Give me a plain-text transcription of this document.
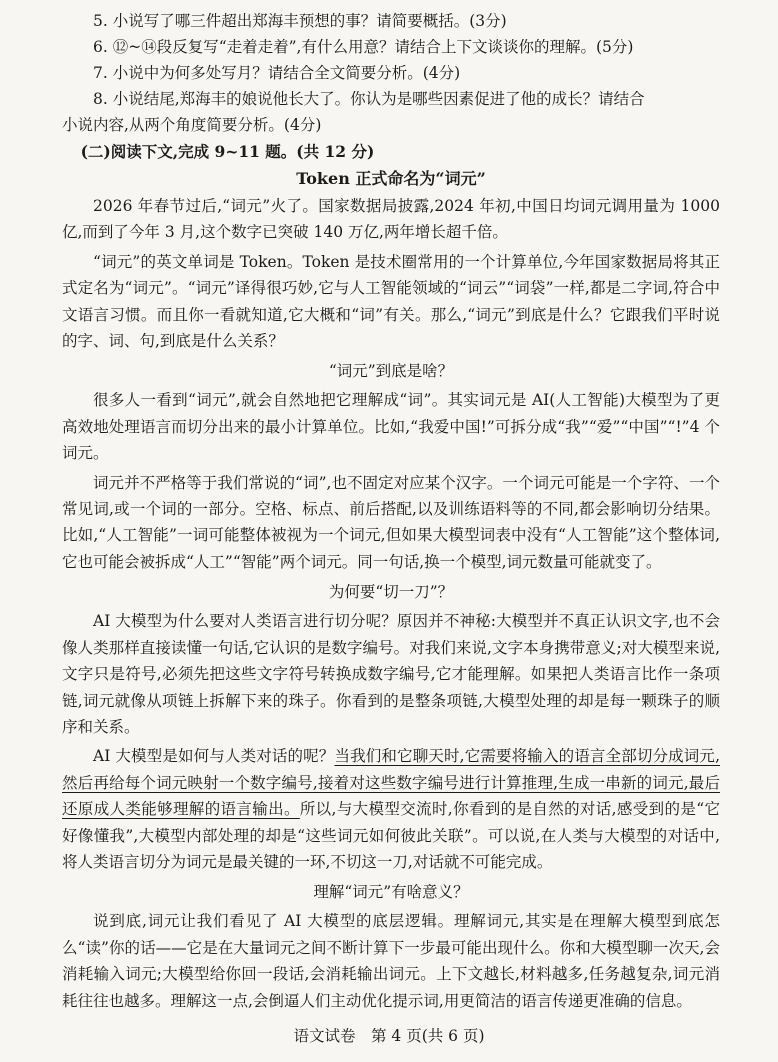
5. 小说写了哪三件超出郑海丰预想的事？请简要概括。(3分)

6. ⑫~⑭段反复写“走着走着”,有什么用意？请结合上下文谈谈你的理解。(5分)

7. 小说中为何多处写月？请结合全文简要分析。(4分)

8. 小说结尾,郑海丰的娘说他长大了。你认为是哪些因素促进了他的成长？请结合

小说内容,从两个角度简要分析。(4分)

(二)阅读下文,完成 9~11 题。(共 12 分)

Token 正式命名为“词元”

2026 年春节过后,“词元”火了。国家数据局披露,2024 年初,中国日均词元调用量为 1000 亿,而到了今年 3 月,这个数字已突破 140 万亿,两年增长超千倍。

“词元”的英文单词是 Token。Token 是技术圈常用的一个计算单位,今年国家数据局将其正式定名为“词元”。“词元”译得很巧妙,它与人工智能领域的“词云”“词袋”一样,都是二字词,符合中文语言习惯。而且你一看就知道,它大概和“词”有关。那么,“词元”到底是什么？它跟我们平时说的字、词、句,到底是什么关系？

“词元”到底是啥？

很多人一看到“词元”,就会自然地把它理解成“词”。其实词元是 AI(人工智能)大模型为了更高效地处理语言而切分出来的最小计算单位。比如,“我爱中国!”可拆分成“我”“爱”“中国”“!”4 个词元。

词元并不严格等于我们常说的“词”,也不固定对应某个汉字。一个词元可能是一个字符、一个常见词,或一个词的一部分。空格、标点、前后搭配,以及训练语料等的不同,都会影响切分结果。比如,“人工智能”一词可能整体被视为一个词元,但如果大模型词表中没有“人工智能”这个整体词,它也可能会被拆成“人工”“智能”两个词元。同一句话,换一个模型,词元数量可能就变了。

为何要“切一刀”？

AI 大模型为什么要对人类语言进行切分呢？原因并不神秘:大模型并不真正认识文字,也不会像人类那样直接读懂一句话,它认识的是数字编号。对我们来说,文字本身携带意义;对大模型来说,文字只是符号,必须先把这些文字符号转换成数字编号,它才能理解。如果把人类语言比作一条项链,词元就像从项链上拆解下来的珠子。你看到的是整条项链,大模型处理的却是每一颗珠子的顺序和关系。

AI 大模型是如何与人类对话的呢？当我们和它聊天时,它需要将输入的语言全部切分成词元,然后再给每个词元映射一个数字编号,接着对这些数字编号进行计算推理,生成一串新的词元,最后还原成人类能够理解的语言输出。所以,与大模型交流时,你看到的是自然的对话,感受到的是“它好像懂我”,大模型内部处理的却是“这些词元如何彼此关联”。可以说,在人类与大模型的对话中,将人类语言切分为词元是最关键的一环,不切这一刀,对话就不可能完成。

理解“词元”有啥意义？

说到底,词元让我们看见了 AI 大模型的底层逻辑。理解词元,其实是在理解大模型到底怎么“读”你的话——它是在大量词元之间不断计算下一步最可能出现什么。你和大模型聊一次天,会消耗输入词元;大模型给你回一段话,会消耗输出词元。上下文越长,材料越多,任务越复杂,词元消耗往往也越多。理解这一点,会倒逼人们主动优化提示词,用更简洁的语言传递更准确的信息。

语文试卷　第 4 页(共 6 页)
